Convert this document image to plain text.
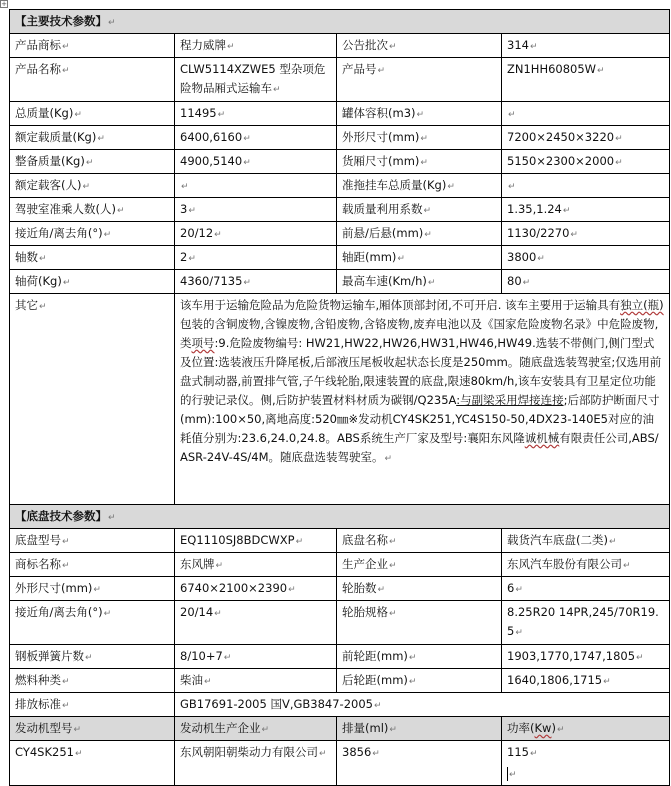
+
【主要技术参数】↵			
产品商标↵	程力威牌↵	公告批次↵	314↵
产品名称↵	CLW5114XZWE5 型杂项危险物品厢式运输车↵	产品号↵	ZN1HH60805W↵
总质量(Kg)↵	11495↵	罐体容积(m3)↵	↵
额定载质量(Kg)↵	6400,6160↵	外形尺寸(mm)↵	7200×2450×3220↵
整备质量(Kg)↵	4900,5140↵	货厢尺寸(mm)↵	5150×2300×2000↵
额定载客(人)↵	↵	准拖挂车总质量(Kg)↵	↵
驾驶室准乘人数(人)↵	3↵	载质量利用系数↵	1.35,1.24↵
接近角/离去角(°)↵	20/12↵	前悬/后悬(mm)↵	1130/2270↵
轴数↵	2↵	轴距(mm)↵	3800↵
轴荷(Kg)↵	4360/7135↵	最高车速(Km/h)↵	80↵
其它↵	该车用于运输危险品为危险货物运输车,厢体顶部封闭,不可开启. 该车主要用于运输具有独立(瓶)包装的含铜废物,含镍废物,含铅废物,含铬废物,废弃电池以及《国家危险废物名录》中危险废物,类项号:9.危险废物编号: HW21,HW22,HW26,HW31,HW46,HW49.选装不带侧门,侧门型式及位置:选装液压升降尾板,后部液压尾板收起状态长度是250mm。随底盘选装驾驶室;仅选用前盘式制动器,前置排气管,子午线轮胎,限速装置的底盘,限速80km/h,该车安装具有卫星定位功能的行驶记录仪。侧,后防护装置材料材质为碳钢/Q235A:与副梁采用焊接连接;后部防护断面尺寸(mm):100×50,离地高度:520㎜※发动机CY4SK251,YC4S150-50,4DX23-140E5对应的油耗值分别为:23.6,24.0,24.8。ABS系统生产厂家及型号:襄阳东风隆诚机械有限责任公司,ABS/ASR-24V-4S/4M。随底盘选装驾驶室。↵		
【底盘技术参数】↵			
底盘型号↵	EQ1110SJ8BDCWXP↵	底盘名称↵	载货汽车底盘(二类)↵
商标名称↵	东风牌↵	生产企业↵	东风汽车股份有限公司↵
外形尺寸(mm)↵	6740×2100×2390↵	轮胎数↵	6↵
接近角/离去角(°)↵	20/14↵	轮胎规格↵	8.25R20 14PR,245/70R19.5↵
钢板弹簧片数↵	8/10+7↵	前轮距(mm)↵	1903,1770,1747,1805↵
燃料种类↵	柴油↵	后轮距(mm)↵	1640,1806,1715↵
排放标准↵	GB17691-2005 国Ⅴ,GB3847-2005↵		
发动机型号↵	发动机生产企业↵	排量(ml)↵	功率(Kw)↵
CY4SK251↵	东风朝阳朝柴动力有限公司↵	3856↵	115↵
↵
